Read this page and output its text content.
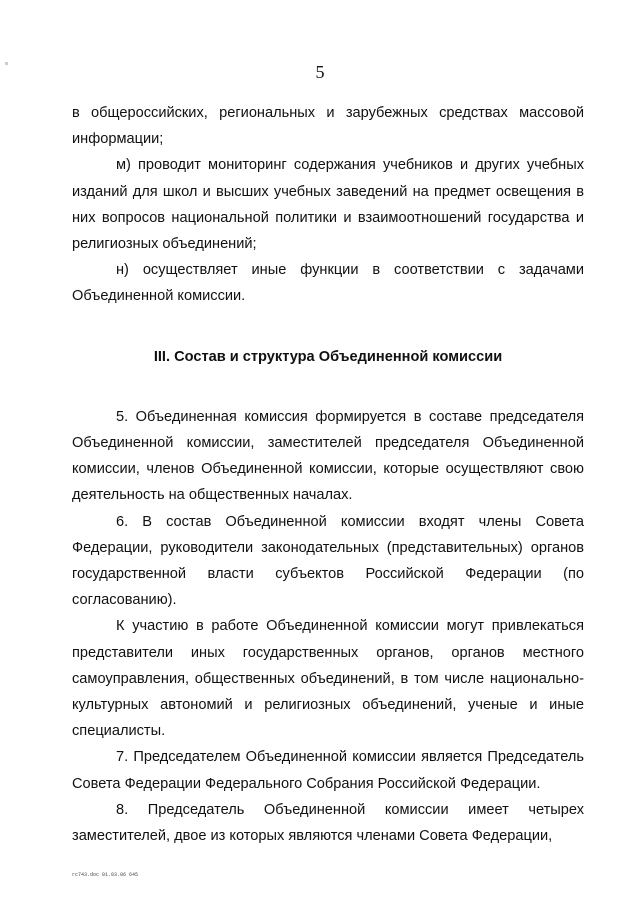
5

в общероссийских, региональных и зарубежных средствах массовой информации;

м) проводит мониторинг содержания учебников и других учебных изданий для школ и высших учебных заведений на предмет освещения в них вопросов национальной политики и взаимоотношений государства и религиозных объединений;

н) осуществляет иные функции в соответствии с задачами Объединенной комиссии.

III. Состав и структура Объединенной комиссии

5. Объединенная комиссия формируется в составе председателя Объединенной комиссии, заместителей председателя Объединенной комиссии, членов Объединенной комиссии, которые осуществляют свою деятельность на общественных началах.

6. В состав Объединенной комиссии входят члены Совета Федерации, руководители законодательных (представительных) органов государственной власти субъектов Российской Федерации (по согласованию).

К участию в работе Объединенной комиссии могут привлекаться представители иных государственных органов, органов местного самоуправления, общественных объединений, в том числе национально-культурных автономий и религиозных объединений, ученые и иные специалисты.

7. Председателем Объединенной комиссии является Председатель Совета Федерации Федерального Собрания Российской Федерации.

8. Председатель Объединенной комиссии имеет четырех заместителей, двое из которых являются членами Совета Федерации,

гс743.doc 01.03.06 645
